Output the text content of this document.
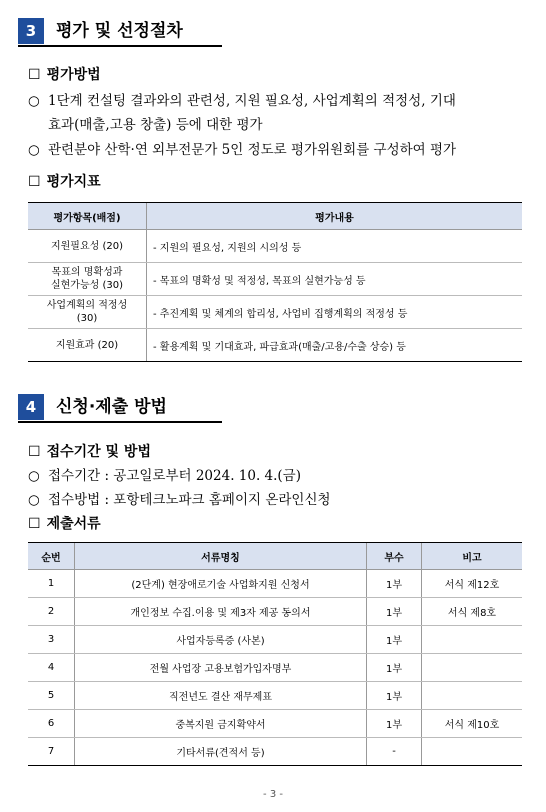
3	평가 및 선정절차
☐ 평가방법
○ 1단계 컨설팅 결과와의 관련성, 지원 필요성, 사업계획의 적정성, 기대
효과(매출,고용 창출) 등에 대한 평가
○ 관련분야 산학·연 외부전문가 5인 정도로 평가위원회를 구성하여 평가
☐ 평가지표
평가항목(배점)	평가내용
지원필요성 (20)	- 지원의 필요성, 지원의 시의성 등
목표의 명확성과
실현가능성 (30)	- 목표의 명확성 및 적정성, 목표의 실현가능성 등
사업계획의 적정성
(30)	- 추진계획 및 체계의 합리성, 사업비 집행계획의 적정성 등
지원효과 (20)	- 활용계획 및 기대효과, 파급효과(매출/고용/수출 상승) 등
4	신청·제출 방법
☐ 접수기간 및 방법
○ 접수기간 : 공고일로부터 2024. 10. 4.(금)
○ 접수방법 : 포항테크노파크 홈페이지 온라인신청
☐ 제출서류
순번	서류명칭	부수	비고
1	(2단계) 현장애로기술 사업화지원 신청서	1부	서식 제12호
2	개인정보 수집.이용 및 제3자 제공 동의서	1부	서식 제8호
3	사업자등록증 (사본)	1부	
4	전월 사업장 고용보험가입자명부	1부	
5	직전년도 결산 재무제표	1부	
6	중복지원 금지확약서	1부	서식 제10호
7	기타서류(견적서 등)	-	
- 3 -
